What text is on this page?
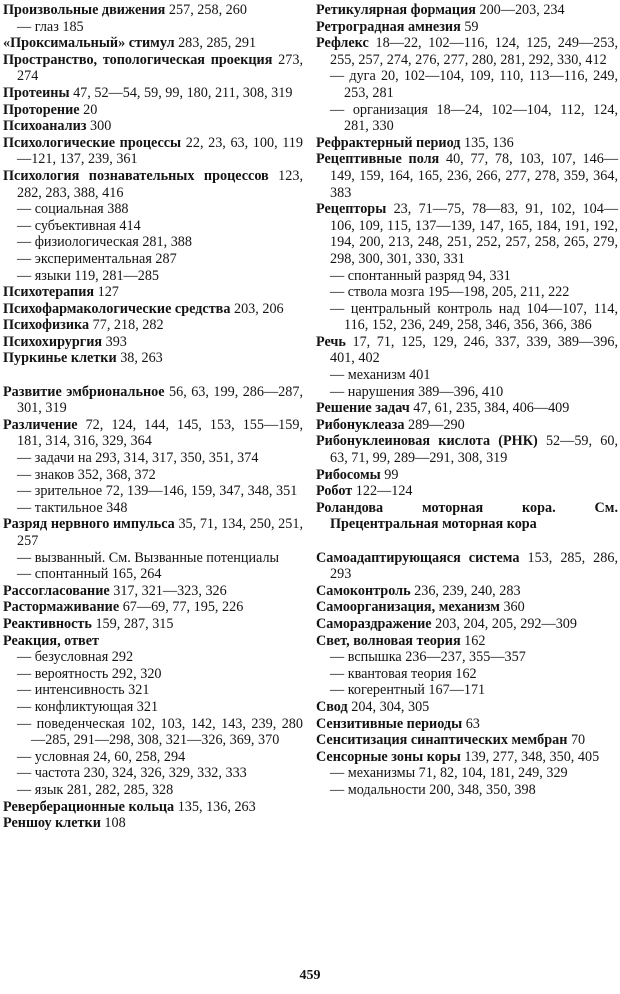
Произвольные движения 257, 258, 260

— глаз 185

«Проксимальный» стимул 283, 285, 291

Пространство, топологическая проекция 273, 274

Протеины 47, 52—54, 59, 99, 180, 211, 308, 319

Проторение 20

Психоанализ 300

Психологические процессы 22, 23, 63, 100, 119—121, 137, 239, 361

Психология познавательных процессов 123, 282, 283, 388, 416

— социальная 388

— субъективная 414

— физиологическая 281, 388

— экспериментальная 287

— языки 119, 281—285

Психотерапия 127

Психофармакологические средства 203, 206

Психофизика 77, 218, 282

Психохирургия 393

Пуркинье клетки 38, 263

Развитие эмбриональное 56, 63, 199, 286—287, 301, 319

Различение 72, 124, 144, 145, 153, 155—159, 181, 314, 316, 329, 364

— задачи на 293, 314, 317, 350, 351, 374

— знаков 352, 368, 372

— зрительное 72, 139—146, 159, 347, 348, 351

— тактильное 348

Разряд нервного импульса 35, 71, 134, 250, 251, 257

— вызванный. См. Вызванные потенциалы

— спонтанный 165, 264

Рассогласование 317, 321—323, 326

Растормаживание 67—69, 77, 195, 226

Реактивность 159, 287, 315

Реакция, ответ

— безусловная 292

— вероятность 292, 320

— интенсивность 321

— конфликтующая 321

— поведенческая 102, 103, 142, 143, 239, 280—285, 291—298, 308, 321—326, 369, 370

— условная 24, 60, 258, 294

— частота 230, 324, 326, 329, 332, 333

— язык 281, 282, 285, 328

Реверберационные кольца 135, 136, 263

Реншоу клетки 108

Ретикулярная формация 200—203, 234

Ретроградная амнезия 59

Рефлекс 18—22, 102—116, 124, 125, 249—253, 255, 257, 274, 276, 277, 280, 281, 292, 330, 412

— дуга 20, 102—104, 109, 110, 113—116, 249, 253, 281

— организация 18—24, 102—104, 112, 124, 281, 330

Рефрактерный период 135, 136

Рецептивные поля 40, 77, 78, 103, 107, 146—149, 159, 164, 165, 236, 266, 277, 278, 359, 364, 383

Рецепторы 23, 71—75, 78—83, 91, 102, 104—106, 109, 115, 137—139, 147, 165, 184, 191, 192, 194, 200, 213, 248, 251, 252, 257, 258, 265, 279, 298, 300, 301, 330, 331

— спонтанный разряд 94, 331

— ствола мозга 195—198, 205, 211, 222

— центральный контроль над 104—107, 114, 116, 152, 236, 249, 258, 346, 356, 366, 386

Речь 17, 71, 125, 129, 246, 337, 339, 389—396, 401, 402

— механизм 401

— нарушения 389—396, 410

Решение задач 47, 61, 235, 384, 406—409

Рибонуклеаза 289—290

Рибонуклеиновая кислота (РНК) 52—59, 60, 63, 71, 99, 289—291, 308, 319

Рибосомы 99

Робот 122—124

Роландова моторная кора. См. Прецентральная моторная кора

Самоадаптирующаяся система 153, 285, 286, 293

Самоконтроль 236, 239, 240, 283

Самоорганизация, механизм 360

Самораздражение 203, 204, 205, 292—309

Свет, волновая теория 162

— вспышка 236—237, 355—357

— квантовая теория 162

— когерентный 167—171

Свод 204, 304, 305

Сензитивные периоды 63

Сенситизация синаптических мембран 70

Сенсорные зоны коры 139, 277, 348, 350, 405

— механизмы 71, 82, 104, 181, 249, 329

— модальности 200, 348, 350, 398

459
